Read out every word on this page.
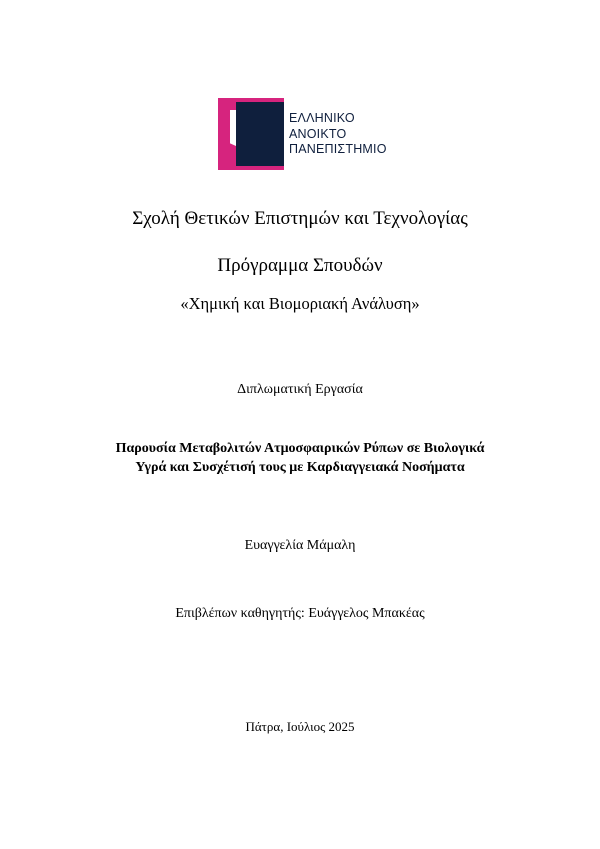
ΕΛΛΗΝΙΚΟ
ΑΝΟΙΚΤΟ
ΠΑΝΕΠΙΣΤΗΜΙΟ
Σχολή Θετικών Επιστημών και Τεχνολογίας
Πρόγραμμα Σπουδών
«Χημική και Βιομοριακή Ανάλυση»
Διπλωματική Εργασία
Παρουσία Μεταβολιτών Ατμοσφαιρικών Ρύπων σε Βιολογικά
Υγρά και Συσχέτισή τους με Καρδιαγγειακά Νοσήματα
Ευαγγελία Μάμαλη
Επιβλέπων καθηγητής: Ευάγγελος Μπακέας
Πάτρα, Ιούλιος 2025
